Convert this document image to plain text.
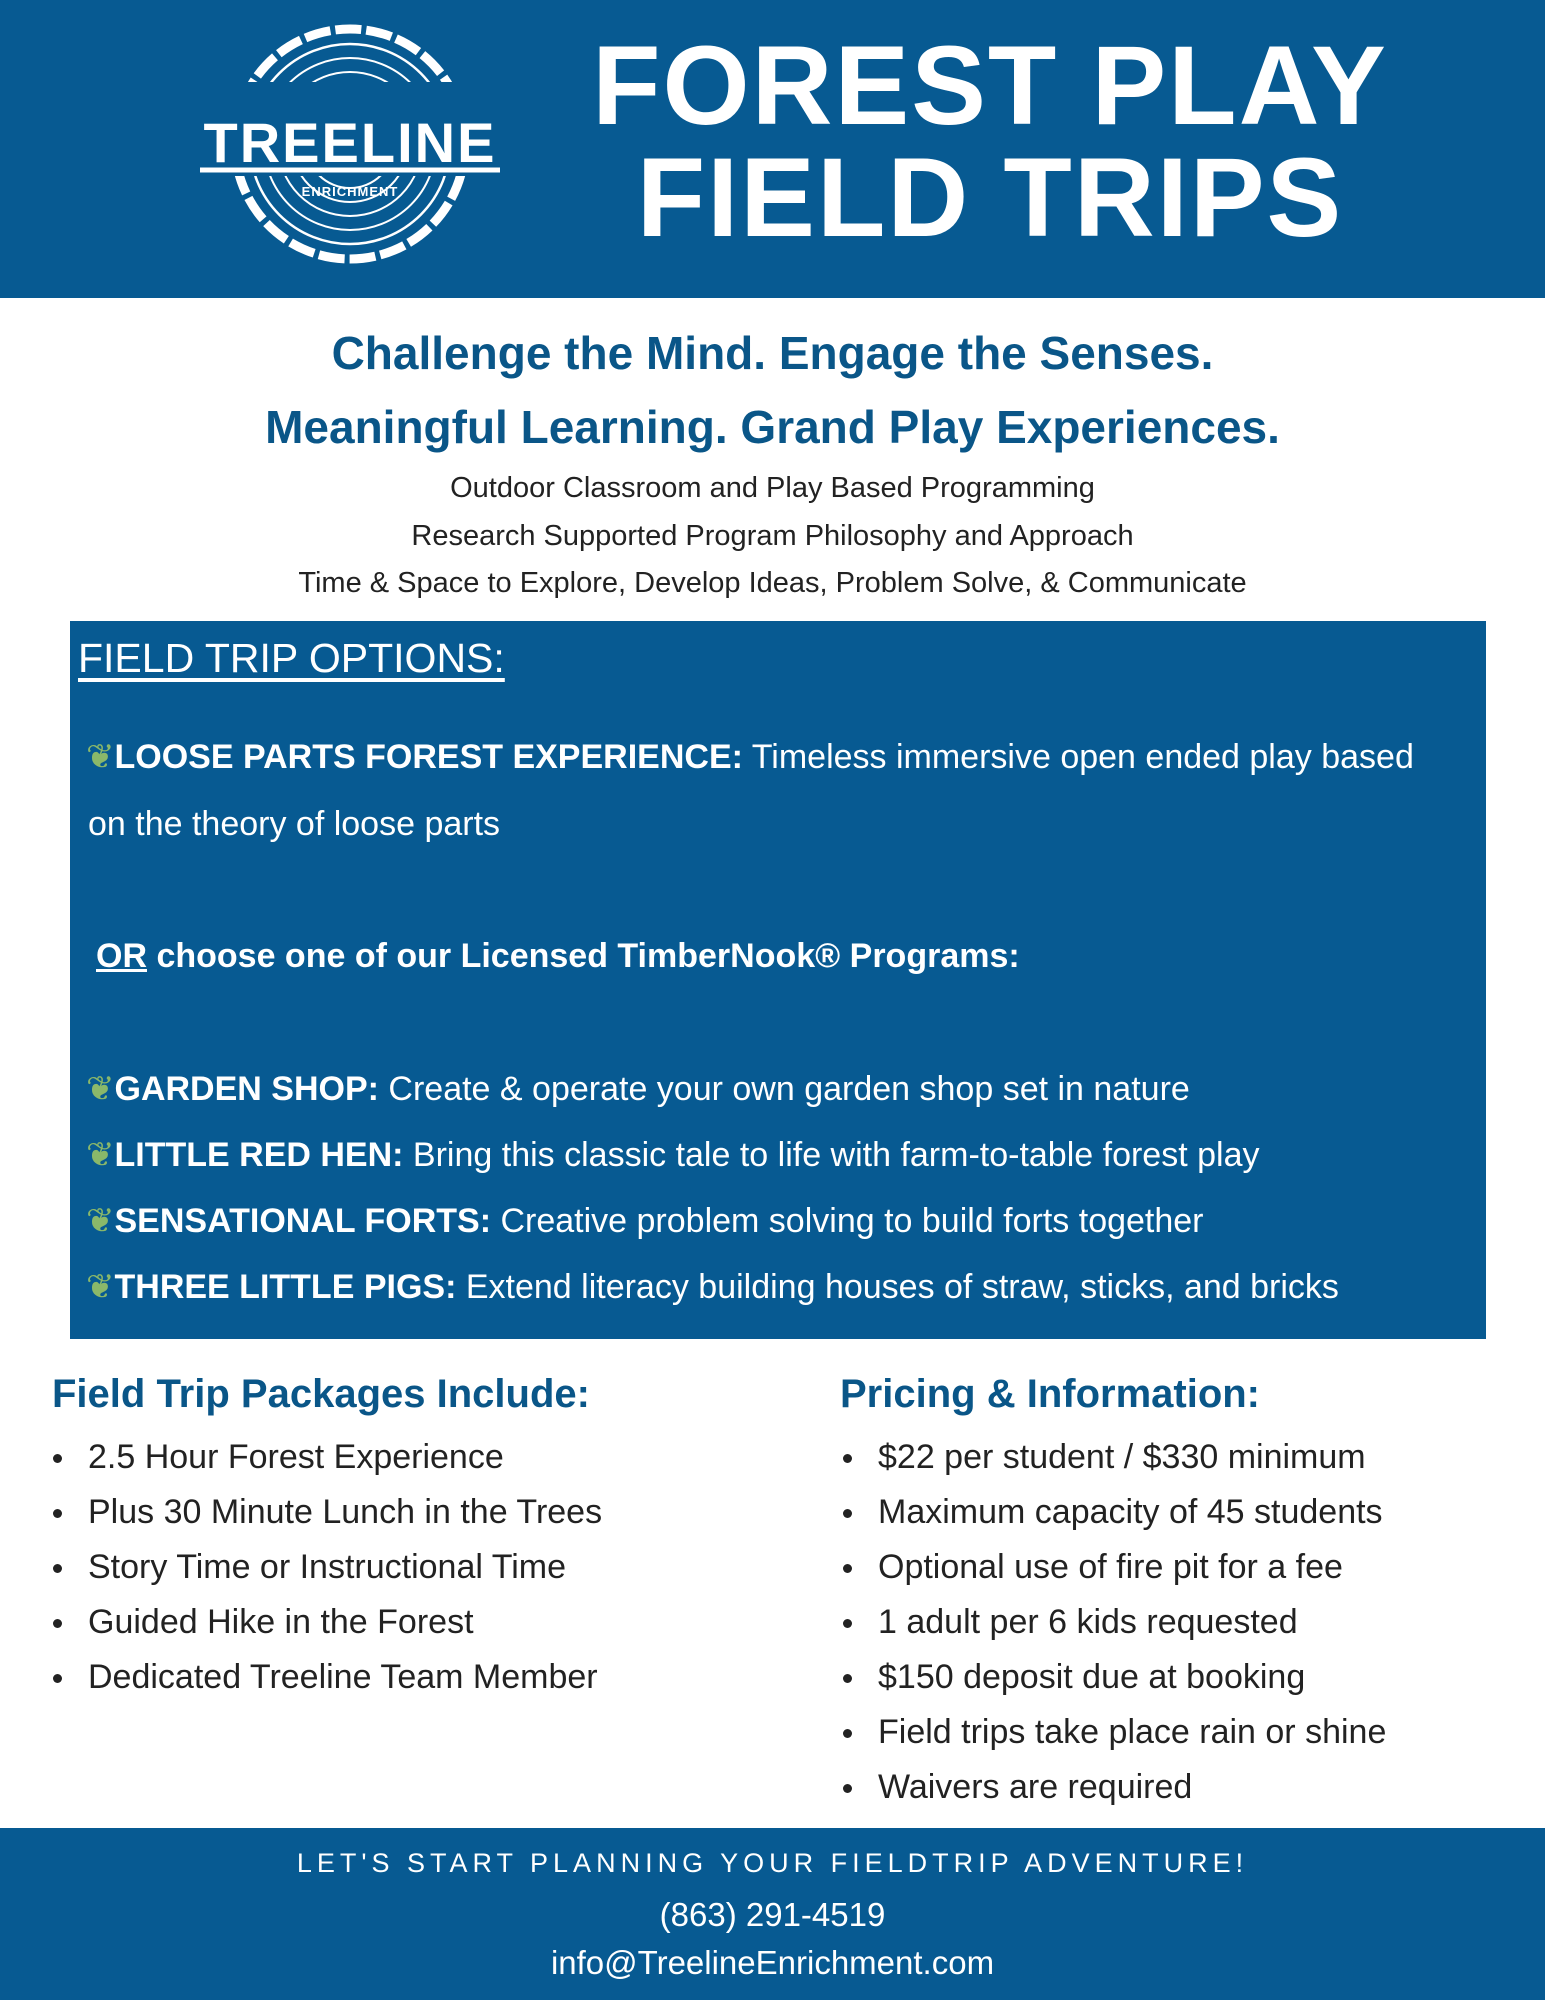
TREELINE
ENRICHMENT
FOREST PLAY
FIELD TRIPS
Challenge the Mind. Engage the Senses.
Meaningful Learning. Grand Play Experiences.
Outdoor Classroom and Play Based Programming
Research Supported Program Philosophy and Approach
Time & Space to Explore, Develop Ideas, Problem Solve, & Communicate
FIELD TRIP OPTIONS:
❦LOOSE PARTS FOREST EXPERIENCE: Timeless immersive open ended play based
on the theory of loose parts
OR choose one of our Licensed TimberNook® Programs:
❦GARDEN SHOP: Create & operate your own garden shop set in nature
❦LITTLE RED HEN: Bring this classic tale to life with farm-to-table forest play
❦SENSATIONAL FORTS: Creative problem solving to build forts together
❦THREE LITTLE PIGS: Extend literacy building houses of straw, sticks, and bricks
Field Trip Packages Include:
2.5 Hour Forest Experience
Plus 30 Minute Lunch in the Trees
Story Time or Instructional Time
Guided Hike in the Forest
Dedicated Treeline Team Member
Pricing & Information:
$22 per student / $330 minimum
Maximum capacity of 45 students
Optional use of fire pit for a fee
1 adult per 6 kids requested
$150 deposit due at booking
Field trips take place rain or shine
Waivers are required
LET'S START PLANNING YOUR FIELDTRIP ADVENTURE!
(863) 291-4519
info@TreelineEnrichment.com
